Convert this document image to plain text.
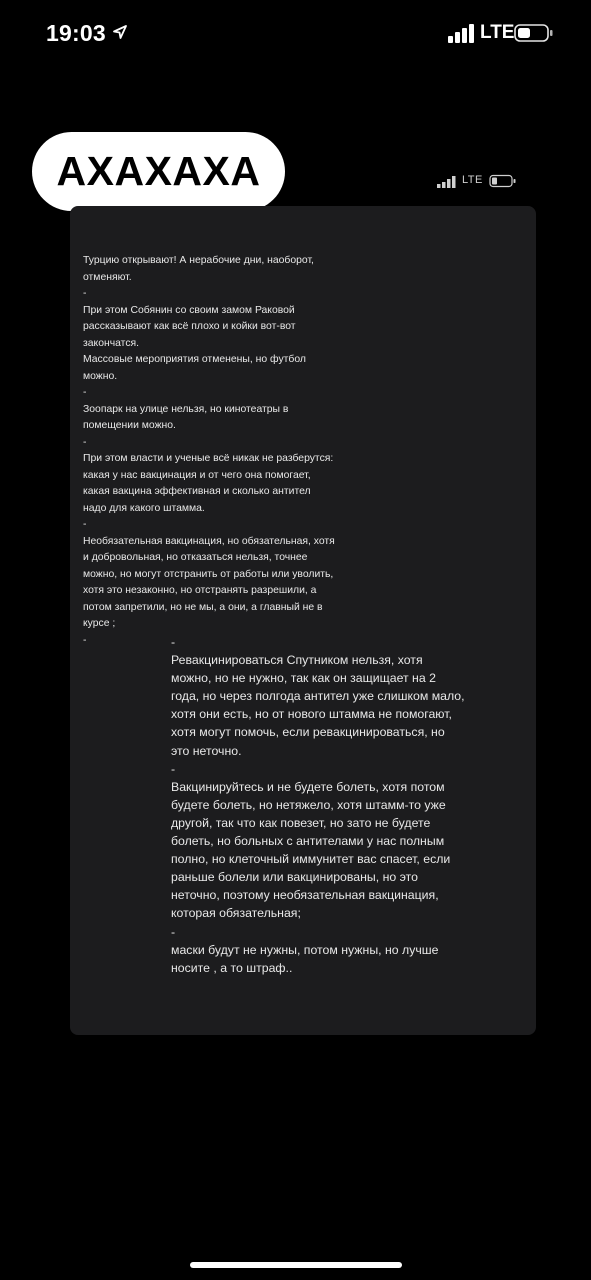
19:03	LTE
АХАХАХА	LTE
Турцию открывают! А нерабочие дни, наоборот,
отменяют.
-
При этом Собянин со своим замом Раковой
рассказывают как всё плохо и койки вот-вот
закончатся.
Массовые мероприятия отменены, но футбол
можно.
-
Зоопарк на улице нельзя, но кинотеатры в
помещении можно.
-
При этом власти и ученые всё никак не разберутся:
какая у нас вакцинация и от чего она помогает,
какая вакцина эффективная и сколько антител
надо для какого штамма.
-
Необязательная вакцинация, но обязательная, хотя
и добровольная, но отказаться нельзя, точнее
можно, но могут отстранить от работы или уволить,
хотя это незаконно, но отстранять разрешили, а
потом запретили, но не мы, а они, а главный не в
курсе ;
-	-
Ревакцинироваться Спутником нельзя, хотя
можно, но не нужно, так как он защищает на 2
года, но через полгода антител уже слишком мало,
хотя они есть, но от нового штамма не помогают,
хотя могут помочь, если ревакцинироваться, но
это неточно.
-
Вакцинируйтесь и не будете болеть, хотя потом
будете болеть, но нетяжело, хотя штамм-то уже
другой, так что как повезет, но зато не будете
болеть, но больных с антителами у нас полным
полно, но клеточный иммунитет вас спасет, если
раньше болели или вакцинированы, но это
неточно, поэтому необязательная вакцинация,
которая обязательная;
-
маски будут не нужны, потом нужны, но лучше
носите , а то штраф..
